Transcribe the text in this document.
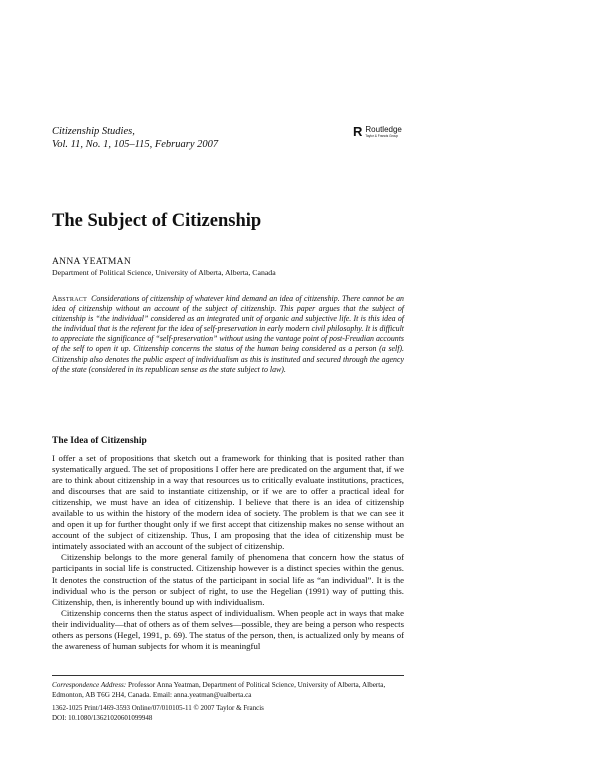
Citizenship Studies,
Vol. 11, No. 1, 105–115, February 2007
R Routledge
Taylor & Francis Group
The Subject of Citizenship
ANNA YEATMAN
Department of Political Science, University of Alberta, Alberta, Canada

Abstract Considerations of citizenship of whatever kind demand an idea of citizenship. There cannot be an idea of citizenship without an account of the subject of citizenship. This paper argues that the subject of citizenship is “the individual” considered as an integrated unit of organic and subjective life. It is this idea of the individual that is the referent for the idea of self-preservation in early modern civil philosophy. It is difficult to appreciate the significance of “self-preservation” without using the vantage point of post-Freudian accounts of the self to open it up. Citizenship concerns the status of the human being considered as a person (a self). Citizenship also denotes the public aspect of individualism as this is instituted and secured through the agency of the state (considered in its republican sense as the state subject to law).

The Idea of Citizenship

I offer a set of propositions that sketch out a framework for thinking that is posited rather than systematically argued. The set of propositions I offer here are predicated on the argument that, if we are to think about citizenship in a way that resources us to critically evaluate institutions, practices, and discourses that are said to instantiate citizenship, or if we are to offer a practical ideal for citizenship, we must have an idea of citizenship. I believe that there is an idea of citizenship available to us within the history of the modern idea of society. The problem is that we can see it and open it up for further thought only if we first accept that citizenship makes no sense without an account of the subject of citizenship. Thus, I am proposing that the idea of citizenship must be intimately associated with an account of the subject of citizenship.

Citizenship belongs to the more general family of phenomena that concern how the status of participants in social life is constructed. Citizenship however is a distinct species within the genus. It denotes the construction of the status of the participant in social life as “an individual”. It is the individual who is the person or subject of right, to use the Hegelian (1991) way of putting this. Citizenship, then, is inherently bound up with individualism.

Citizenship concerns then the status aspect of individualism. When people act in ways that make their individuality—that of others as of them selves—possible, they are being a person who respects others as persons (Hegel, 1991, p. 69). The status of the person, then, is actualized only by means of the awareness of human subjects for whom it is meaningful

Correspondence Address: Professor Anna Yeatman, Department of Political Science, University of Alberta, Alberta, Edmonton, AB T6G 2H4, Canada. Email: anna.yeatman@ualberta.ca
1362-1025 Print/1469-3593 Online/07/010105-11 © 2007 Taylor & Francis
DOI: 10.1080/13621020601099948
